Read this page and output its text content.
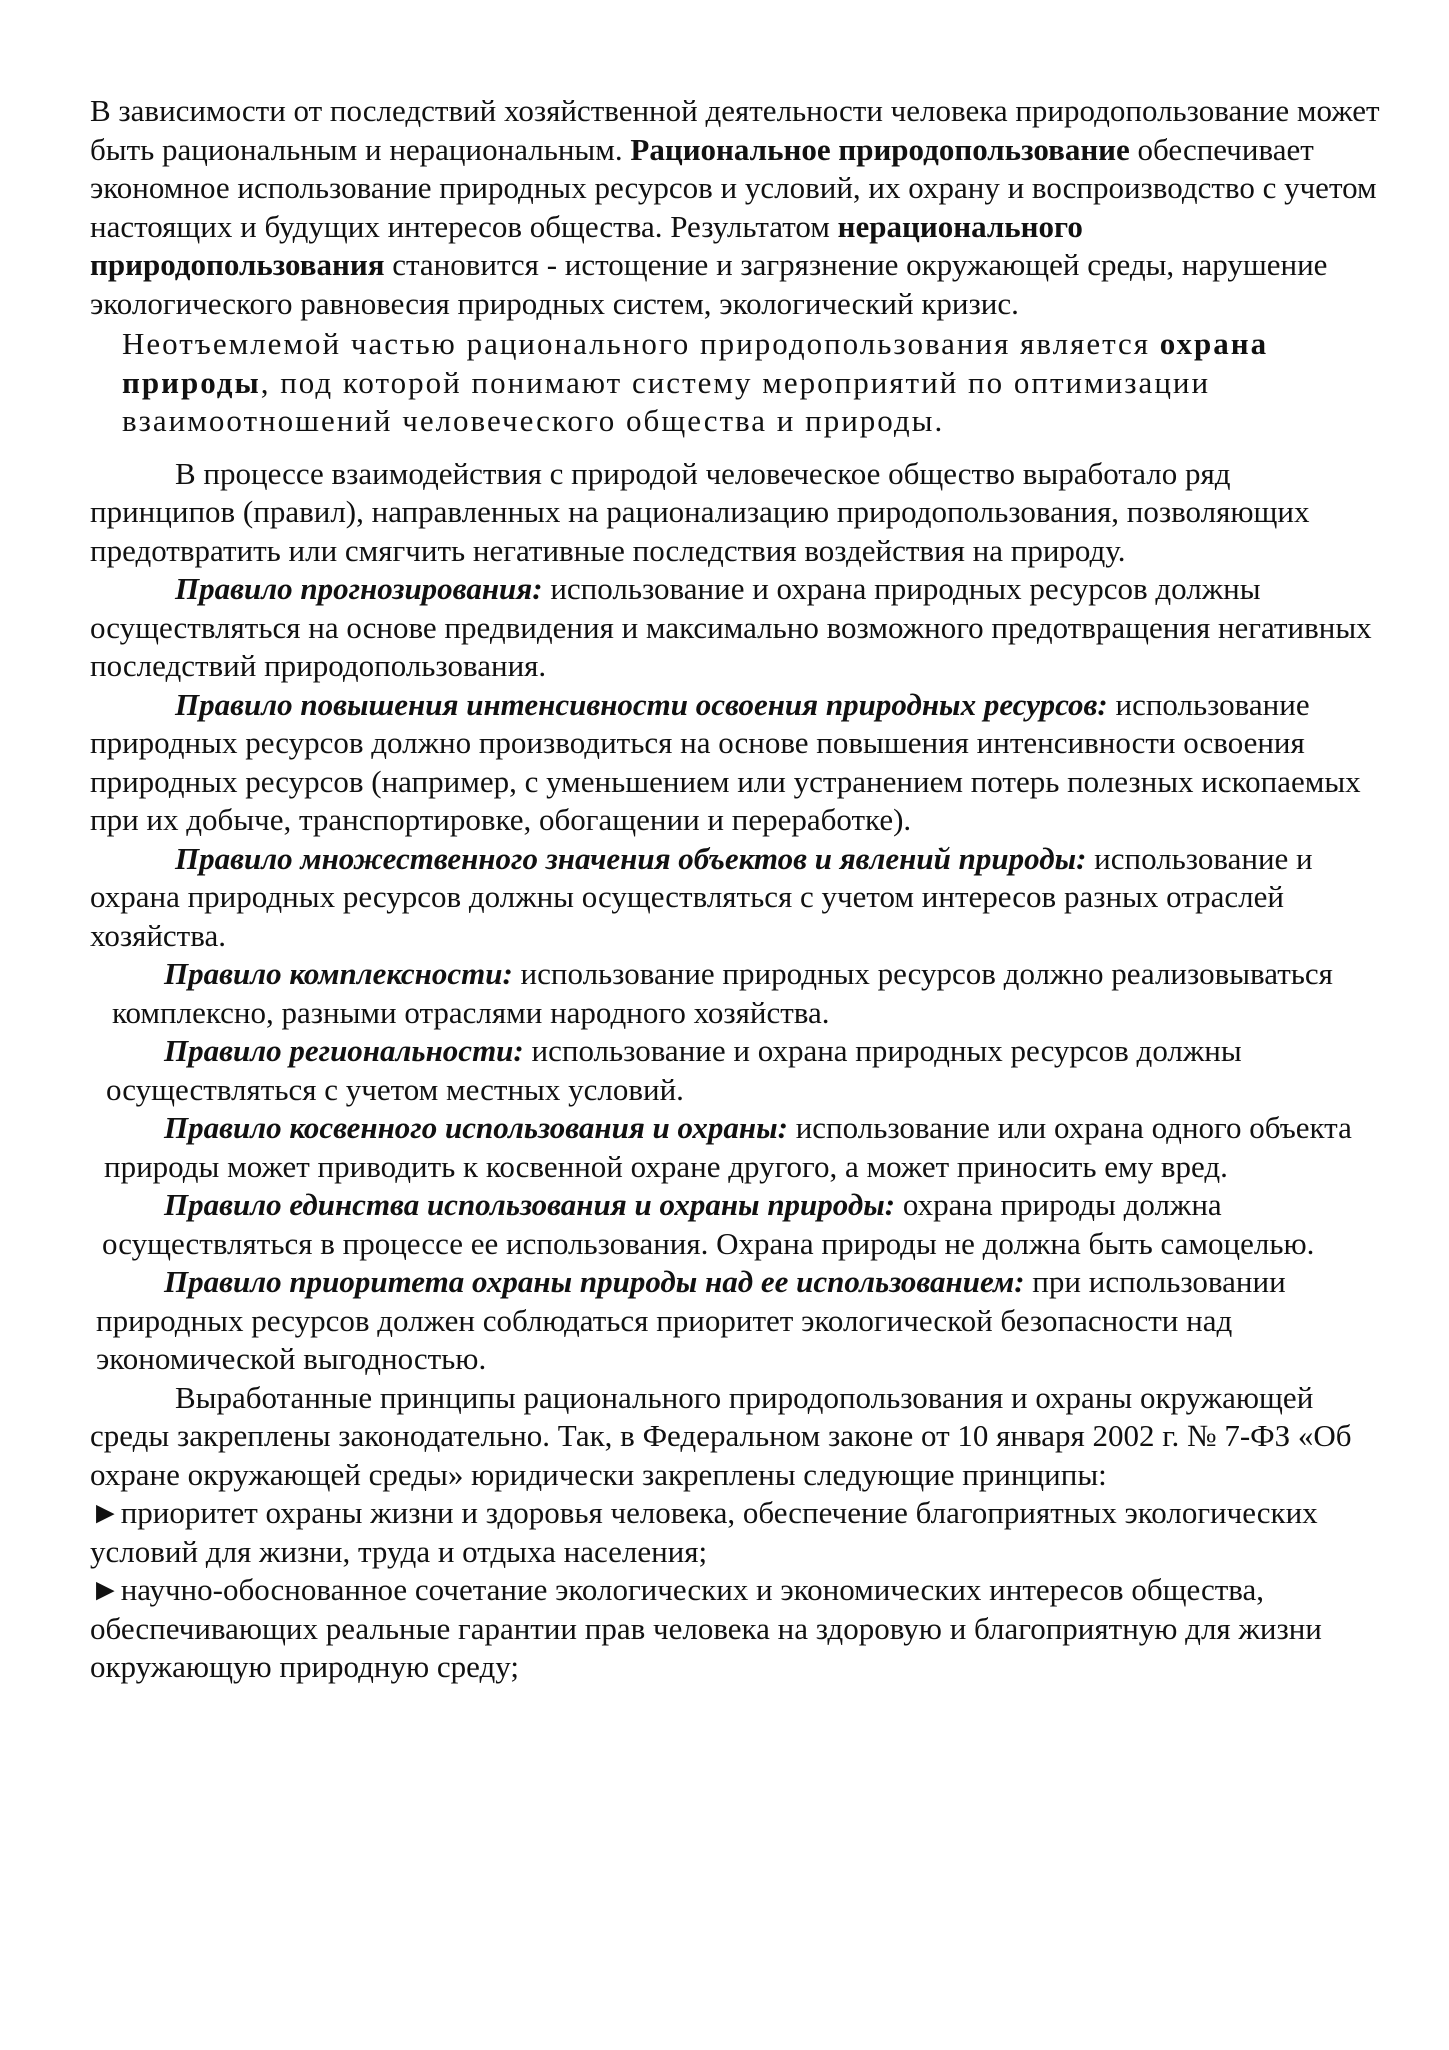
В зависимости от последствий хозяйственной деятельности человека природопользование может быть рациональным и нерациональным. Рациональное природопользование обеспечивает экономное использование природных ресурсов и условий, их охрану и воспроизводство с учетом настоящих и будущих интересов общества. Результатом нерационального природопользования становится - истощение и загрязнение окружающей среды, нарушение экологического равновесия природных систем, экологический кризис.

Неотъемлемой частью рационального природопользования является охрана природы, под которой понимают систему мероприятий по оптимизации взаимоотношений человеческого общества и природы.

В процессе взаимодействия с природой человеческое общество выработало ряд принципов (правил), направленных на рационализацию природопользования, позволяющих предотвратить или смягчить негативные последствия воздействия на природу.

Правило прогнозирования: использование и охрана природных ресурсов должны осуществляться на основе предвидения и максимально возможного предотвращения негативных последствий природопользования.

Правило повышения интенсивности освоения природных ресурсов: использование природных ресурсов должно производиться на основе повышения интенсивности освоения природных ресурсов (например, с уменьшением или устранением потерь полезных ископаемых при их добыче, транспортировке, обогащении и переработке).

Правило множественного значения объектов и явлений природы: использование и охрана природных ресурсов должны осуществляться с учетом интересов разных отраслей хозяйства.

Правило комплексности: использование природных ресурсов должно реализовываться комплексно, разными отраслями народного хозяйства.

Правило региональности: использование и охрана природных ресурсов должны осуществляться с учетом местных условий.

Правило косвенного использования и охраны: использование или охрана одного объекта природы может приводить к косвенной охране другого, а может приносить ему вред.

Правило единства использования и охраны природы: охрана природы должна осуществляться в процессе ее использования. Охрана природы не должна быть самоцелью.

Правило приоритета охраны природы над ее использованием: при использовании природных ресурсов должен соблюдаться приоритет экологической безопасности над экономической выгодностью.

Выработанные принципы рационального природопользования и охраны окружающей среды закреплены законодательно. Так, в Федеральном законе от 10 января 2002 г. № 7-ФЗ «Об охране окружающей среды» юридически закреплены следующие принципы:

►приоритет охраны жизни и здоровья человека, обеспечение благоприятных экологических условий для жизни, труда и отдыха населения;

►научно-обоснованное сочетание экологических и экономических интересов общества, обеспечивающих реальные гарантии прав человека на здоровую и благоприятную для жизни окружающую природную среду;
